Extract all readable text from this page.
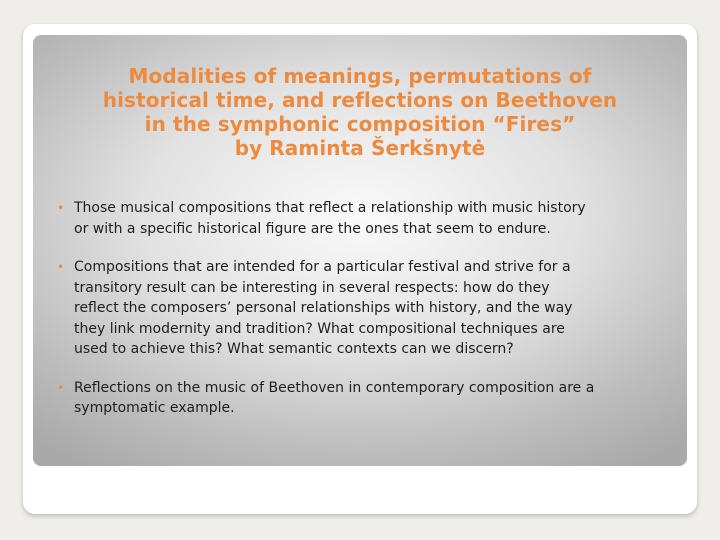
Modalities of meanings, permutations of
historical time, and reflections on Beethoven
in the symphonic composition “Fires”
by Raminta Šerkšnytė
• Those musical compositions that reflect a relationship with music history
or with a specific historical figure are the ones that seem to endure.
• Compositions that are intended for a particular festival and strive for a
transitory result can be interesting in several respects: how do they
reflect the composers’ personal relationships with history, and the way
they link modernity and tradition? What compositional techniques are
used to achieve this? What semantic contexts can we discern?
• Reflections on the music of Beethoven in contemporary composition are a
symptomatic example.
